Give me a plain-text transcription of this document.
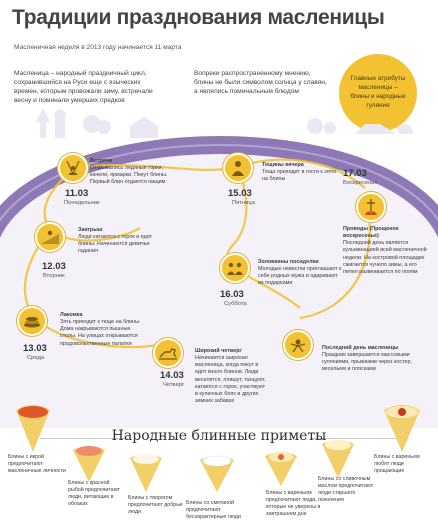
Традиции празднования масленицы
Масленичная неделя в 2013 году начинается 11 марта
Масленица – народный праздничный цикл, сохранившийся на Руси еще с языческих времен, которым провожали зиму, встречали весну и поминали умерших предков
Вопреки распространенному мнению, блины не были символом солнца у славян, а являлись поминальным блюдом
Главные атрибуты масленицы – блины и народные гуляния
Дни масленицы
11.03
Понедельник
Встречи
Открывались ледяные горки, качели, ярмарки. Пекут блины. Первый блин отдается нищим
12.03
Вторник
Заигрыш
Люди катаются с горок и едят блины. Начинаются девичьи гадания
13.03
Среда
Лакомка
Зять приходит к теще на блины. Дома накрываются пышные столы. На улицах открываются продовольственные палатки
14.03
Четверг
Широкий четверг
Начинается широкая масленица, когда пекут и едят много блинов. Люди веселятся, пляшут, танцуют, катаются с горок, участвуют в кулачных боях и других зимних забавах
15.03
Пятница
Тещины вечера
Теща приходит в гости к зятю на блины
16.03
Суббота
Золовкины посиделки
Молодые невестки приглашают к себе родных мужа и одаривают их подарками
17.03
Воскресенье
Проводы (Прощеное воскресенье)
Последний день является кульминацией всей масленичной недели. На костровой площадке сжигается чучело зимы, а его пепел развеивается по полям
Последний день масленицы
Праздник завершается массовыми гуляниями, прыжками через костер, весельем и плясками
Народные блинные приметы
Блины с икрой предпочитают масленичные личности
Блины с красной рыбой предпочитают люди, витающие в облаках
Блины с творогом предпочитают добрые люди
Блины со сметаной предпочитают бесхарактерные люди
Блины с вареньем предпочитают люди, которые не уверены в завтрашнем дне
Блины со сливочным маслом предпочитают люди старшего поколения
Блины с вареньем любят люди прощающие
